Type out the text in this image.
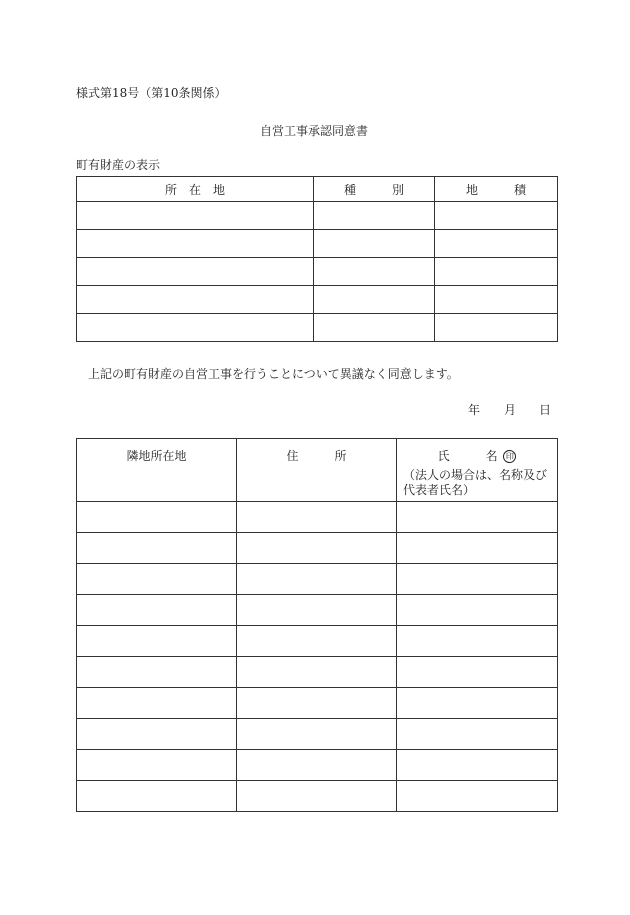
様式第18号（第10条関係）
自営工事承認同意書
町有財産の表示
所　在　地	種　　　別	地　　　積

上記の町有財産の自営工事を行うことについて異議なく同意します。
年 月 日
隣地所在地	住　　　所	氏　　　名 印
（法人の場合は、名称及び代表者氏名）
